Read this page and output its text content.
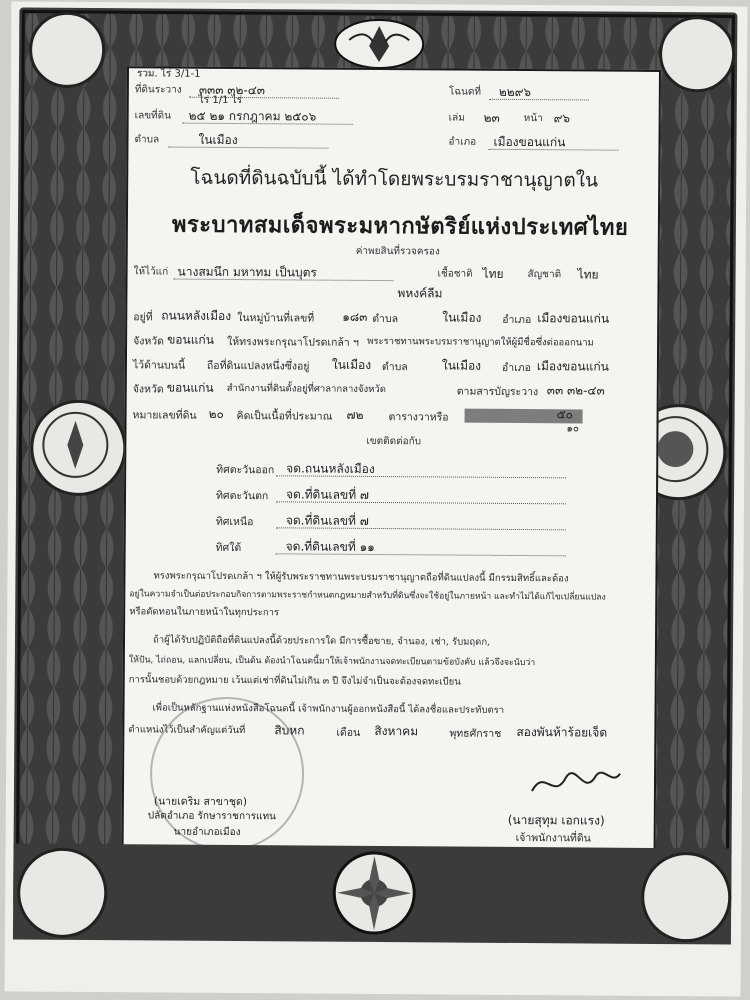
รวม. ไร่ 3/1-1
ที่ดินระวาง ๓๓๓ ๓๒-๔๓
ไร่ 1/1 ไร่
โฉนดที่ ๒๒๙๖
เลขที่ดิน ๒๕ ๒๑ กรกฎาคม ๒๕๐๖	เล่ม ๒๓ หน้า ๙๖
ตำบล	ในเมือง	อำเภอ เมืองขอนแก่น
โฉนดที่ดินฉบับนี้ ได้ทำโดยพระบรมราชานุญาตใน
พระบาทสมเด็จพระมหากษัตริย์แห่งประเทศไทย
ค่าพยสินที่รวจครอง
ให้ไว้แก่ นางสมนึก มหาทม เป็นบุตร	เชื้อชาติ ไทย สัญชาติ ไทย
พหงค์ลีม
อยู่ที่ ถนนหลังเมือง ในหมู่บ้านที่เลขที่ ๑๘๓ ตำบล	ในเมือง อำเภอ เมืองขอนแก่น
จังหวัด ขอนแก่น ให้ทรงพระกรุณาโปรดเกล้า ฯ พระราชทานพระบรมราชานุญาตให้ผู้มีชื่อซึ่งต่อออกนาม
ไว้ด้านบนนี้ ถือที่ดินแปลงหนึ่งซึ่งอยู่ ในเมือง ตำบล	ในเมือง อำเภอ เมืองขอนแก่น
จังหวัด ขอนแก่น สำนักงานที่ดินตั้งอยู่ที่ศาลากลางจังหวัด	ตามสารบัญระวาง ๓๓ ๓๒-๔๓
หมายเลขที่ดิน ๒๐ คิดเป็นเนื้อที่ประมาณ ๗๒ ตารางวาหรือ	๕๐
๑๐
เขตติดต่อกับ
ทิศตะวันออก จด.ถนนหลังเมือง
ทิศตะวันตก จด.ที่ดินเลขที่ ๗
ทิศเหนือ	จด.ที่ดินเลขที่ ๗
ทิศใต้	จด.ที่ดินเลขที่ ๑๑
ทรงพระกรุณาโปรดเกล้า ฯ ให้ผู้รับพระราชทานพระบรมราชานุญาตถือที่ดินแปลงนี้ มีกรรมสิทธิ์และต้อง
อยู่ในความจำเป็นต่อประกอบกิจการตามพระราชกำหนดกฎหมายสำหรับที่ดินซึ่งจะใช้อยู่ในภายหน้า และทำไม่ได้แก้ไขเปลี่ยนแปลง
หรือตัดทอนในภายหน้าในทุกประการ
ถ้าผู้ได้รับปฏิบัติถือที่ดินแปลงนี้ด้วยประการใด มีการซื้อขาย, จำนอง, เช่า, รับมฤดก,
ให้ปัน, ไถ่ถอน, แลกเปลี่ยน, เป็นต้น ต้องนำโฉนดนี้มาให้เจ้าพนักงานจดทะเบียนตามข้อบังคับ แล้วจึงจะนับว่า
การนั้นชอบด้วยกฎหมาย เว้นแต่เช่าที่ดินไม่เกิน ๓ ปี จึงไม่จำเป็นจะต้องจดทะเบียน
เพื่อเป็นหลักฐานแห่งหนังสือโฉนดนี้ เจ้าพนักงานผู้ออกหนังสือนี้ ได้ลงชื่อและประทับตรา
ตำแหน่งไว้เป็นสำคัญแต่วันที่ สิบหก	เดือน สิงหาคม	พุทธศักราช สองพันห้าร้อยเจ็ด
(นายเดริม สาขาชุด)
ปลัดอำเภอ รักษาราชการแทน
นายอำเภอเมือง
(นายสุทุม เอกแรง)
เจ้าพนักงานที่ดิน
